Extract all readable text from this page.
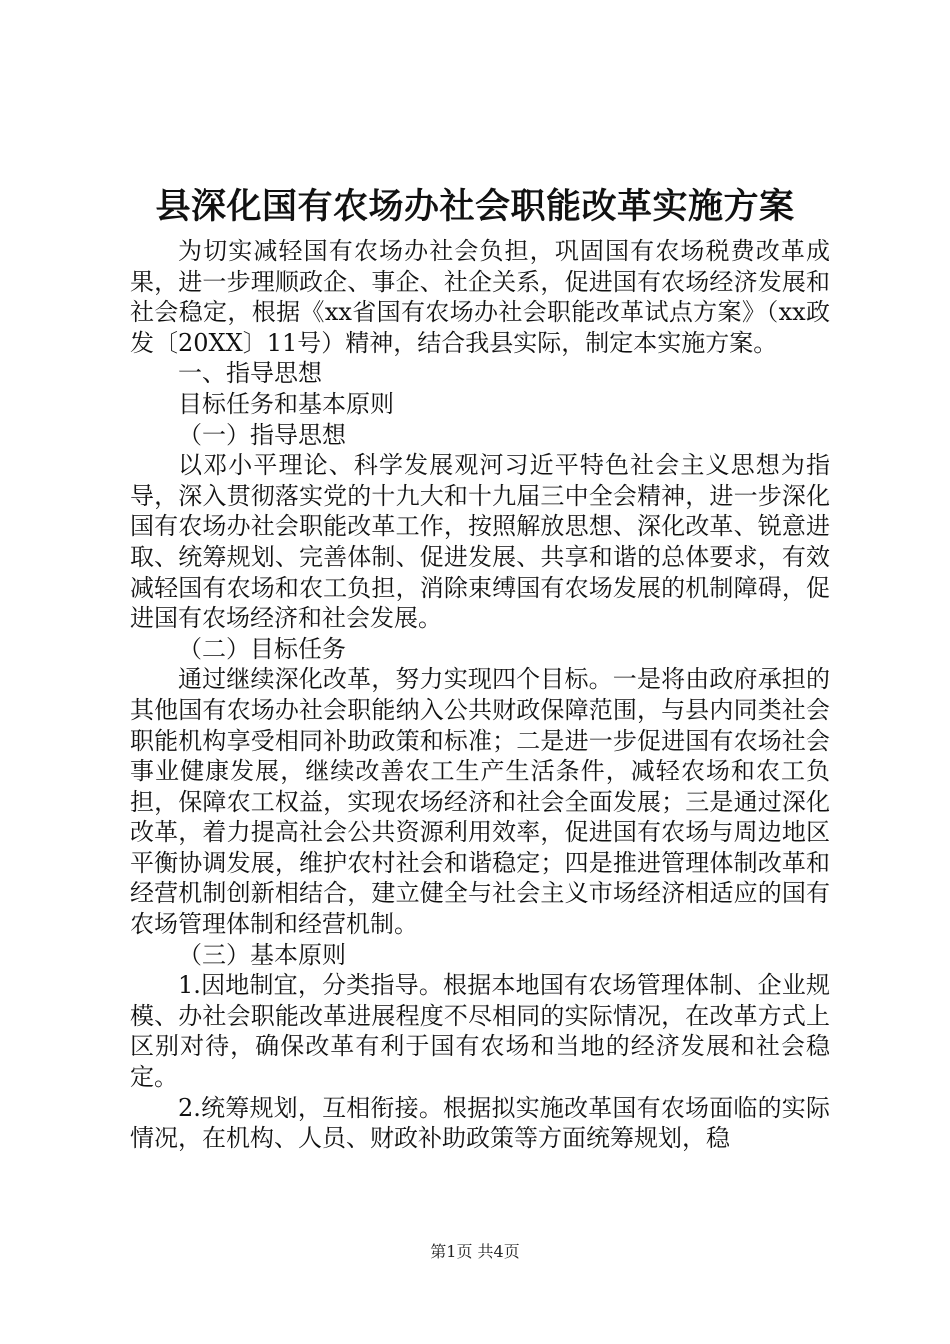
县深化国有农场办社会职能改革实施方案

为切实减轻国有农场办社会负担，巩固国有农场税费改革成果，进一步理顺政企、事企、社企关系，促进国有农场经济发展和社会稳定，根据《xx省国有农场办社会职能改革试点方案》（xx政发〔20XX〕11号）精神，结合我县实际，制定本实施方案。

一、指导思想

目标任务和基本原则

（一）指导思想

以邓小平理论、科学发展观河习近平特色社会主义思想为指导，深入贯彻落实党的十九大和十九届三中全会精神，进一步深化国有农场办社会职能改革工作，按照解放思想、深化改革、锐意进取、统筹规划、完善体制、促进发展、共享和谐的总体要求，有效减轻国有农场和农工负担，消除束缚国有农场发展的机制障碍，促进国有农场经济和社会发展。

（二）目标任务

通过继续深化改革，努力实现四个目标。一是将由政府承担的其他国有农场办社会职能纳入公共财政保障范围，与县内同类社会职能机构享受相同补助政策和标准；二是进一步促进国有农场社会事业健康发展，继续改善农工生产生活条件，减轻农场和农工负担，保障农工权益，实现农场经济和社会全面发展；三是通过深化改革，着力提高社会公共资源利用效率，促进国有农场与周边地区平衡协调发展，维护农村社会和谐稳定；四是推进管理体制改革和经营机制创新相结合，建立健全与社会主义市场经济相适应的国有农场管理体制和经营机制。

（三）基本原则

1.因地制宜，分类指导。根据本地国有农场管理体制、企业规模、办社会职能改革进展程度不尽相同的实际情况，在改革方式上区别对待，确保改革有利于国有农场和当地的经济发展和社会稳定。

2.统筹规划，互相衔接。根据拟实施改革国有农场面临的实际情况，在机构、人员、财政补助政策等方面统筹规划，稳

第1页 共4页
